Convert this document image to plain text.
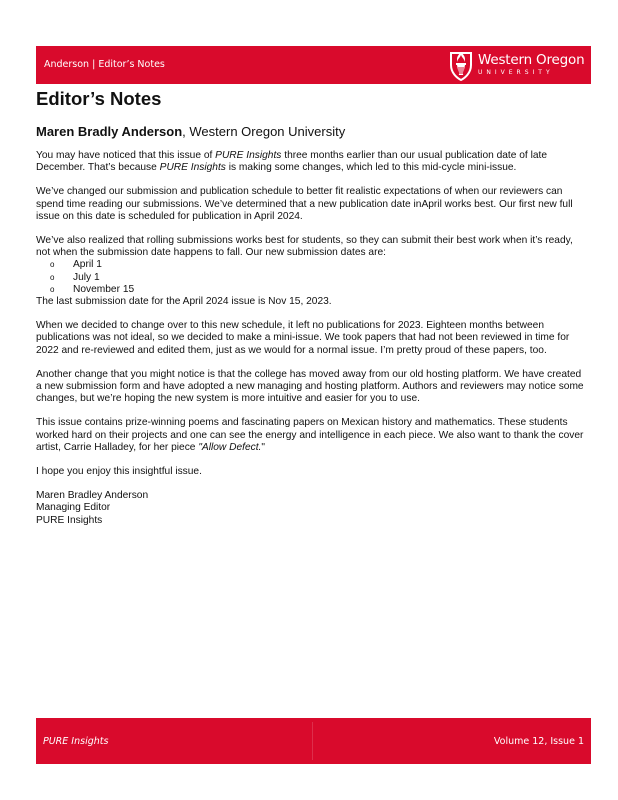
Anderson | Editor’s Notes	Western Oregon
UNIVERSITY
Editor’s Notes
Maren Bradly Anderson, Western Oregon University

You may have noticed that this issue of PURE Insights three months earlier than our usual publication date of late December. That’s because PURE Insights is making some changes, which led to this mid-cycle mini-issue.

We’ve changed our submission and publication schedule to better fit realistic expectations of when our reviewers can spend time reading our submissions. We’ve determined that a new publication date inApril works best. Our first new full issue on this date is scheduled for publication in April 2024.

We’ve also realized that rolling submissions works best for students, so they can submit their best work when it’s ready, not when the submission date happens to fall. Our new submission dates are:
o April 1
o July 1
o November 15

The last submission date for the April 2024 issue is Nov 15, 2023.

When we decided to change over to this new schedule, it left no publications for 2023. Eighteen months between publications was not ideal, so we decided to make a mini-issue. We took papers that had not been reviewed in time for 2022 and re-reviewed and edited them, just as we would for a normal issue. I’m pretty proud of these papers, too.

Another change that you might notice is that the college has moved away from our old hosting platform. We have created a new submission form and have adopted a new managing and hosting platform. Authors and reviewers may notice some changes, but we’re hoping the new system is more intuitive and easier for you to use.

This issue contains prize-winning poems and fascinating papers on Mexican history and mathematics. These students worked hard on their projects and one can see the energy and intelligence in each piece. We also want to thank the cover artist, Carrie Halladey, for her piece "Allow Defect."

I hope you enjoy this insightful issue.

Maren Bradley Anderson
Managing Editor
PURE Insights
PURE Insights	Volume 12, Issue 1
